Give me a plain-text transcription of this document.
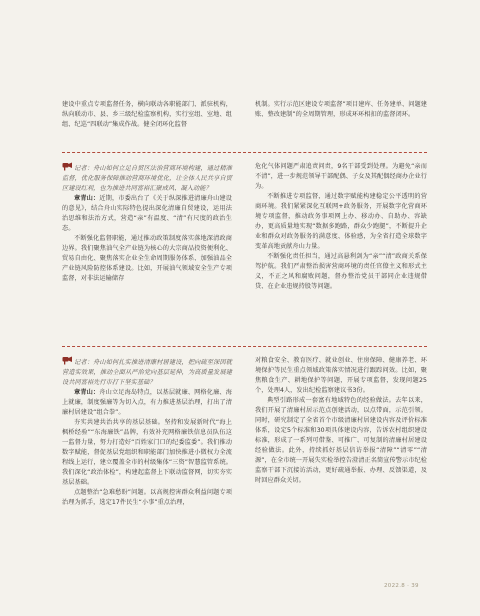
建设中重点专项监督任务，横向联动各职能部门、派驻机构，纵向联动市、县、乡三级纪检监察机构，实行室组、室地、组组、纪巡“四联动”集成作战。健全闭环化监督

机制。实行示范区建设专项监督”项目建库、任务建单、问题建账、整改建制”的全周期管理，形成环环相扣的监督闭环。

记者：舟山如何立足自贸区法治营商环境构建，通过精准监督，优化服务保障推动营商环境优化，让全体人民共享自贸区建设红利，也为推进共同富裕汇聚成风、凝入动能？

章青山：近期，市委出台了《关于纵深推进清廉舟山建设的意见》，结合舟山实际特色提出深化清廉自贸建设，运用法治思维和法治方式，营造“亲”有温度、“清”有尺度的政治生态。

不断强化监督职能，通过推动政策制度落实落地深清政商边界。我们聚焦油气全产业链为核心的大宗商品投资便利化、贸易自由化、聚焦落实企业全生命周期服务体系、加强油品全产业链风险防控体系建设。比如，开展油气领域安全生产专项监督，对非法运输储存

危化气体问题严肃追责问责，9名干部受到处理。为避免“亲而不清”，进一步规范领导干部配偶、子女及其配偶经商办企业行为。

不断推进专项监督，通过数字赋能构建稳定公平透明的营商环境。我们紧紧深化互联网+政务服务，开展数字化营商环境专项监督，推动政务事项网上办、移动办、自助办、容缺办，更高质量地实现“数据多跑路，群众少跑腿”，不断提升企业和群众对政务服务的满意度、体验感，为全省打造全球数字变革高地贡献舟山力量。

不断强化责任担当，通过高悬利剑为“亲”“清”政商关系保驾护航。我们严肃整治损害营商环境的责任官僚主义和形式主义，不正之风和腐败问题，督办整治党员干部同企业违规借贷、在企业违规持股等问题。

记者：舟山如何扎实推进清廉村居建设，把向疏至深因就营造实效果，推动全面从严治党向基层延伸，为高质量发展建设共同富裕先行市打下坚实基础？

章青山：舟山立足海岛特点，以基层就廉、网格化廉、海上就廉，制度强廉等为切入点，有力推进基层治理，打出了清廉村居建设“组合拳”。

夯实共建共治共享的基层基础。坚持和发展新时代“海上枫桥经验”“东海廉铁”品牌，有效补充网格廉铁信息员队伍这一监督力量，努力打造好“百姓家门口的纪委监委”。我们推动数字赋能，督促基层党组织和职能部门加快推进小微权力全流程线上运行，建立覆盖全市的村级集体“三资”智慧监管系统。我们深化“政治体检”，构建起监督上下联动监督网，切实夯实基层基础。

点题整治“急难愁盼”问题。以高规控害群众利益问题专项治理为抓手，选定17件民生“小事”重点治理，

对粮食安全、教育医疗、就业创业、住房保障、健康养老、环境保护等民生重点领域政策落实情况进行跟踪问效。比如，聚焦粮食生产、耕地保护等问题，开展专项监督，发现问题25个，处理4人，发出纪检监察建议书3份。

典型引路形成一套富有地域特色的经验做法。去年以来，我们开展了清廉村居示范点创建活动，以点带面，示范引领。同时，研究制定了全省首个市级清廉村居建设内容及评价标准体系，设定5个标准和30项具体建设内容，告诉农村组织建设标准，形成了一系列可借鉴、可推广、可复制的清廉村居建设经验做法。此外，持续抓好基层信访举报“清障”“清零”“清源”，在全市统一开展失实检举控告澄清正名简宣传警示市纪检监察干部下沉接访活动，更好疏通举报、办理、反馈渠道，及时回应群众关切。

2022.8 · 39
